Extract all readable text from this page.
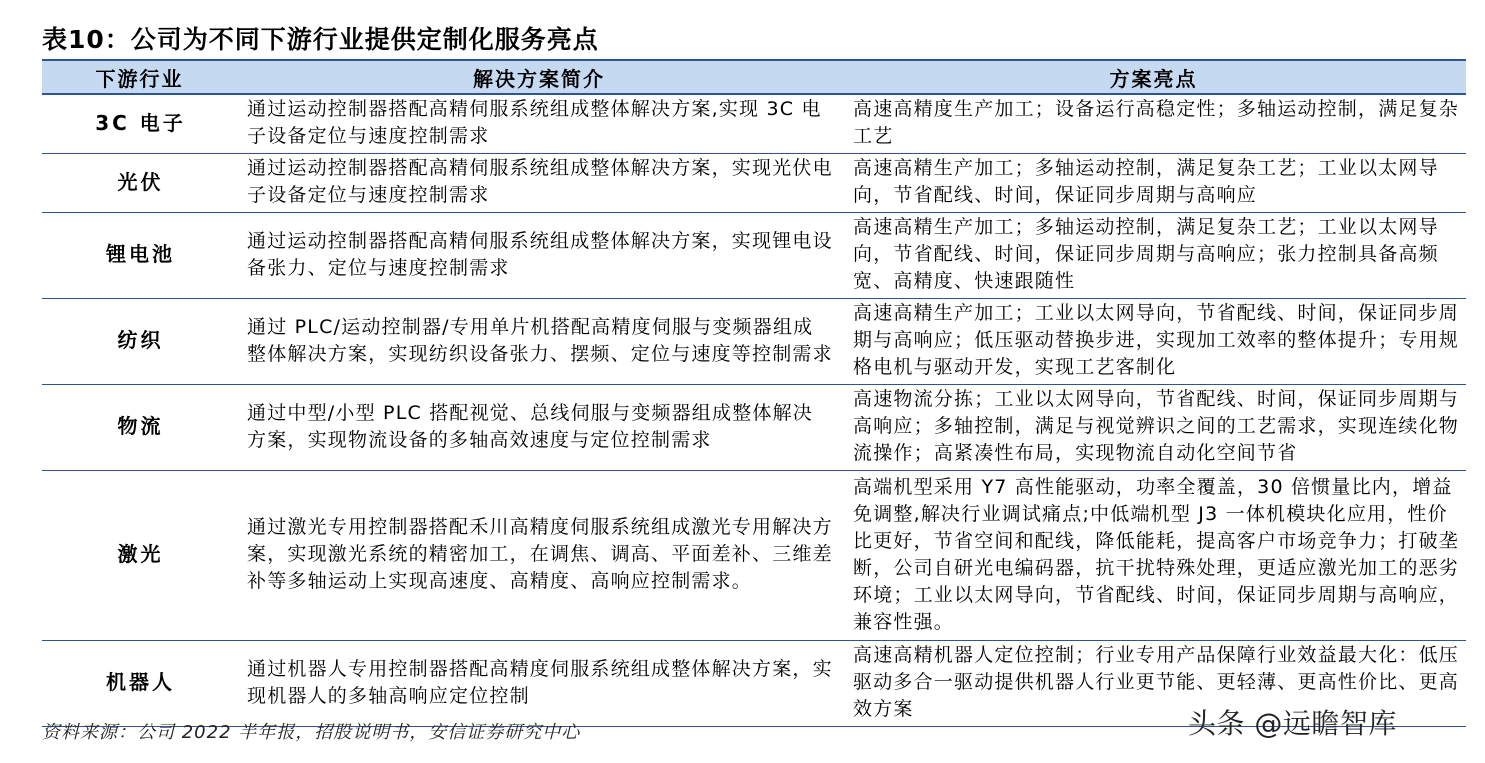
表10：公司为不同下游行业提供定制化服务亮点
下游行业	解决方案简介	方案亮点
3C 电子	通过运动控制器搭配高精伺服系统组成整体解决方案,实现 3C 电子设备定位与速度控制需求	高速高精度生产加工；设备运行高稳定性；多轴运动控制，满足复杂工艺
光伏	通过运动控制器搭配高精伺服系统组成整体解决方案，实现光伏电子设备定位与速度控制需求	高速高精生产加工；多轴运动控制，满足复杂工艺；工业以太网导向，节省配线、时间，保证同步周期与高响应
锂电池	通过运动控制器搭配高精伺服系统组成整体解决方案，实现锂电设备张力、定位与速度控制需求	高速高精生产加工；多轴运动控制，满足复杂工艺；工业以太网导向，节省配线、时间，保证同步周期与高响应；张力控制具备高频宽、高精度、快速跟随性
纺织	通过 PLC/运动控制器/专用单片机搭配高精度伺服与变频器组成整体解决方案，实现纺织设备张力、摆频、定位与速度等控制需求	高速高精生产加工；工业以太网导向，节省配线、时间，保证同步周期与高响应；低压驱动替换步进，实现加工效率的整体提升；专用规格电机与驱动开发，实现工艺客制化
物流	通过中型/小型 PLC 搭配视觉、总线伺服与变频器组成整体解决方案，实现物流设备的多轴高效速度与定位控制需求	高速物流分拣；工业以太网导向，节省配线、时间，保证同步周期与高响应；多轴控制，满足与视觉辨识之间的工艺需求，实现连续化物流操作；高紧凑性布局，实现物流自动化空间节省
激光	通过激光专用控制器搭配禾川高精度伺服系统组成激光专用解决方案，实现激光系统的精密加工，在调焦、调高、平面差补、三维差补等多轴运动上实现高速度、高精度、高响应控制需求。	高端机型采用 Y7 高性能驱动，功率全覆盖，30 倍惯量比内，增益免调整,解决行业调试痛点;中低端机型 J3 一体机模块化应用，性价比更好，节省空间和配线，降低能耗，提高客户市场竞争力；打破垄断，公司自研光电编码器，抗干扰特殊处理，更适应激光加工的恶劣环境；工业以太网导向，节省配线、时间，保证同步周期与高响应，兼容性强。
机器人	通过机器人专用控制器搭配高精度伺服系统组成整体解决方案，实现机器人的多轴高响应定位控制	高速高精机器人定位控制；行业专用产品保障行业效益最大化：低压驱动多合一驱动提供机器人行业更节能、更轻薄、更高性价比、更高效方案
资料来源：公司 2022 半年报，招股说明书，安信证券研究中心	头条 @远瞻智库
